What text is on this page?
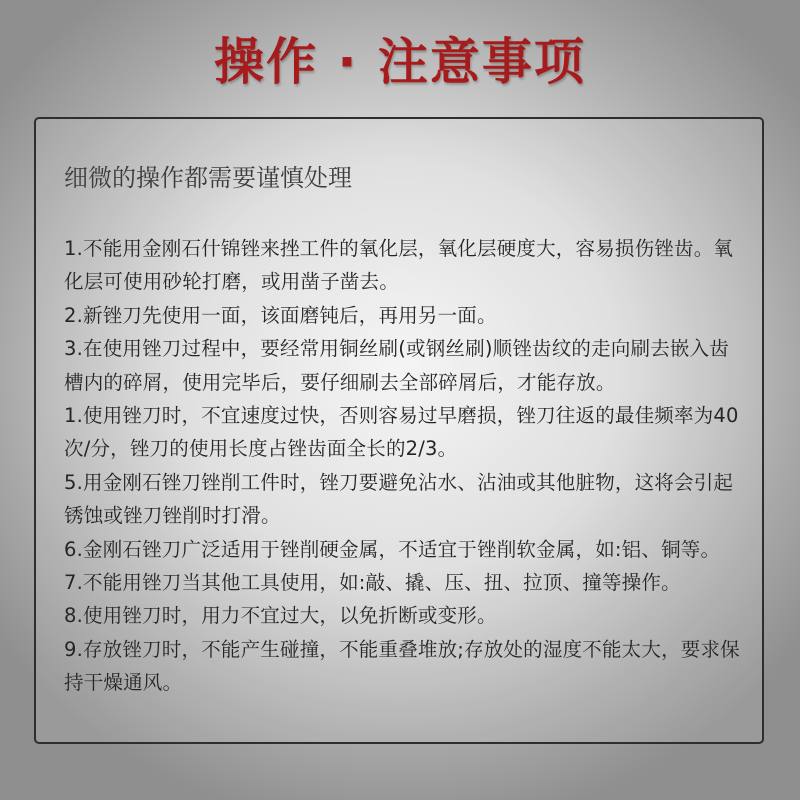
操作 · 注意事项
细微的操作都需要谨慎处理
1.不能用金刚石什锦锉来挫工件的氧化层，氧化层硬度大，容易损伤锉齿。氧化层可使用砂轮打磨，或用凿子凿去。
2.新锉刀先使用一面，该面磨钝后，再用另一面。
3.在使用锉刀过程中，要经常用铜丝刷(或钢丝刷)顺锉齿纹的走向刷去嵌入齿槽内的碎屑，使用完毕后，要仔细刷去全部碎屑后，才能存放。
1.使用锉刀时，不宜速度过快，否则容易过早磨损，锉刀往返的最佳频率为40次/分，锉刀的使用长度占锉齿面全长的2/3。
5.用金刚石锉刀锉削工件时，锉刀要避免沾水、沾油或其他脏物，这将会引起锈蚀或锉刀锉削时打滑。
6.金刚石锉刀广泛适用于锉削硬金属，不适宜于锉削软金属，如:铝、铜等。
7.不能用锉刀当其他工具使用，如:敲、撬、压、扭、拉顶、撞等操作。
8.使用锉刀时，用力不宜过大，以免折断或变形。
9.存放锉刀时，不能产生碰撞，不能重叠堆放;存放处的湿度不能太大，要求保持干燥通风。
